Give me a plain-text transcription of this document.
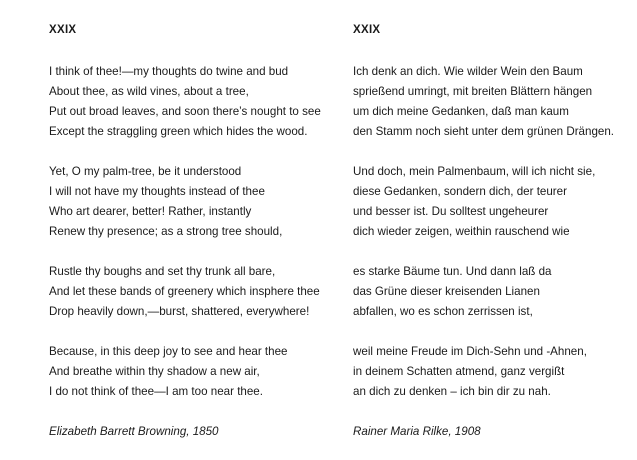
XXIX
I think of thee!—my thoughts do twine and bud
About thee, as wild vines, about a tree,
Put out broad leaves, and soon there’s nought to see
Except the straggling green which hides the wood.
Yet, O my palm-tree, be it understood
I will not have my thoughts instead of thee
Who art dearer, better! Rather, instantly
Renew thy presence; as a strong tree should,
Rustle thy boughs and set thy trunk all bare,
And let these bands of greenery which insphere thee
Drop heavily down,—burst, shattered, everywhere!
Because, in this deep joy to see and hear thee
And breathe within thy shadow a new air,
I do not think of thee—I am too near thee.
Elizabeth Barrett Browning, 1850
XXIX
Ich denk an dich. Wie wilder Wein den Baum
sprießend umringt, mit breiten Blättern hängen
um dich meine Gedanken, daß man kaum
den Stamm noch sieht unter dem grünen Drängen.
Und doch, mein Palmenbaum, will ich nicht sie,
diese Gedanken, sondern dich, der teurer
und besser ist. Du solltest ungeheurer
dich wieder zeigen, weithin rauschend wie
es starke Bäume tun. Und dann laß da
das Grüne dieser kreisenden Lianen
abfallen, wo es schon zerrissen ist,
weil meine Freude im Dich-Sehn und -Ahnen,
in deinem Schatten atmend, ganz vergißt
an dich zu denken – ich bin dir zu nah.
Rainer Maria Rilke, 1908
